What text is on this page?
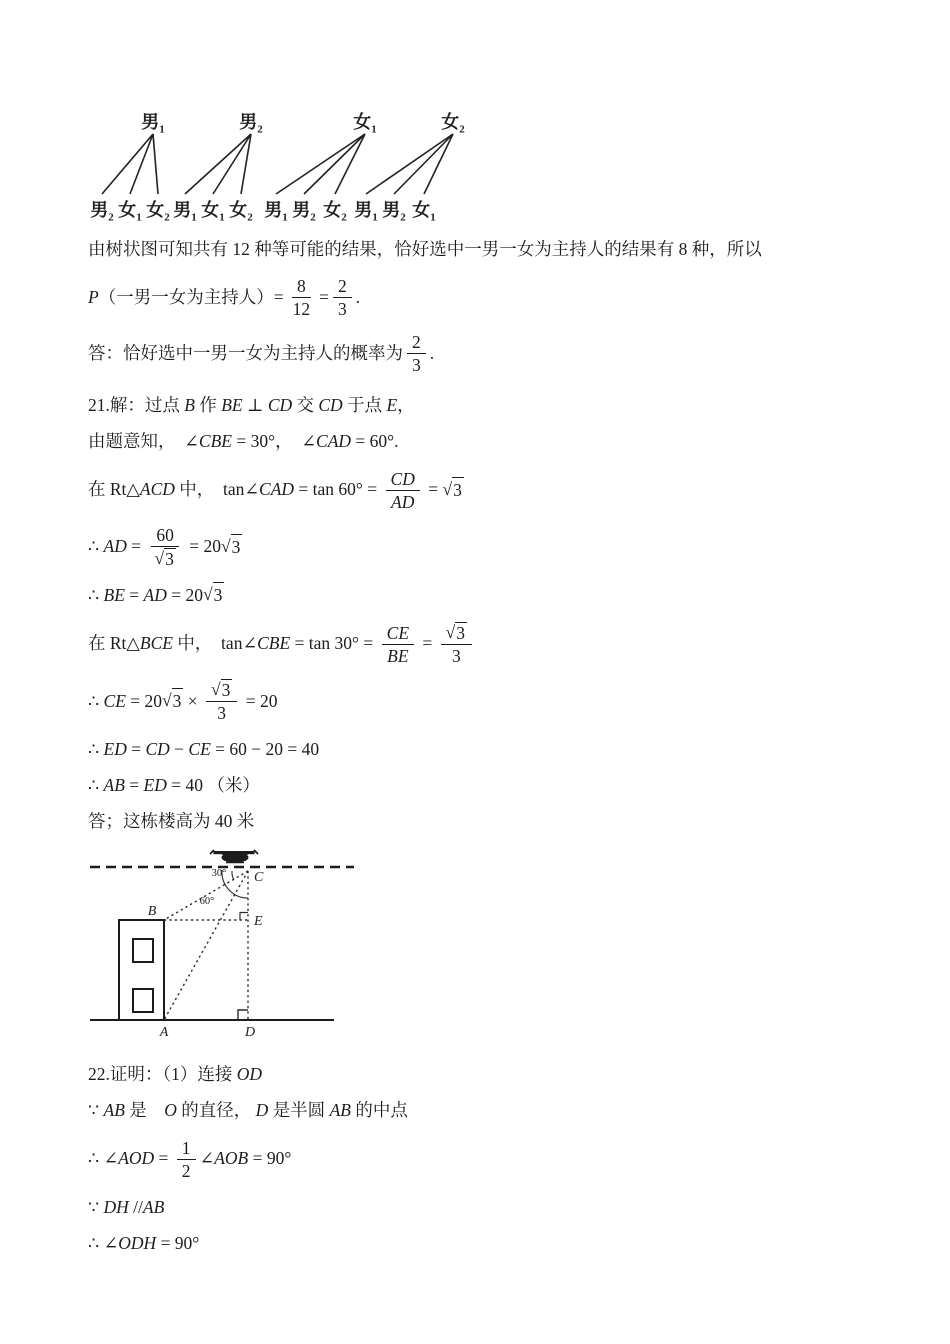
男$_1$
男$_2$ 女$_1$ 女$_2$
男$_2$
男$_1$ 女$_1$ 女$_2$
女$_1$
男$_1$ 男$_2$ 女$_2$
女$_2$
男$_1$ 男$_2$ 女$_1$
由树状图可知共有 12 种等可能的结果，恰好选中一男一女为主持人的结果有 8 种，所以
P （一男一女为主持人） = $\frac{8}{12} = \frac{2}{3}$ .
答：恰好选中一男一女为主持人的概率为 $\frac{2}{3}$ .
21.解：过点 B 作 BE ⊥ CD 交 CD 于点 E ，
由题意知，  ∠ CBE = 30°，  ∠ CAD = 60°.
在 Rt△ ACD 中，  tan∠ CAD = $\tan 60^\circ = \frac{CD}{AD}$ = √ 3
∴ AD = $\frac{60}{√ 3} = 20$ √ 3
∴ BE = AD = 20 √ 3
在 Rt△ BCE 中，  tan∠ CBE = $\tan 30^\circ = \frac{CE}{BE} = \frac{√ 3}{3}$
∴ CE = 20 √ $3 \times \frac{√ 3}{3} = 20$
∴ ED = CD − CE = 60 − 20 = 40
∴ AB = ED = 40 （米）
答；这栋楼高为 40 米
B
C
E
A	D
30°
60°
22.证明：（1）连接 OD
∵ AB 是　 O 的直径， D 是半圆 AB 的中点
∴ ∠ AOD = $\frac{1}{2}$ ∠ AOB = 90°
∵ DH // AB
∴ ∠ ODH = 90°
